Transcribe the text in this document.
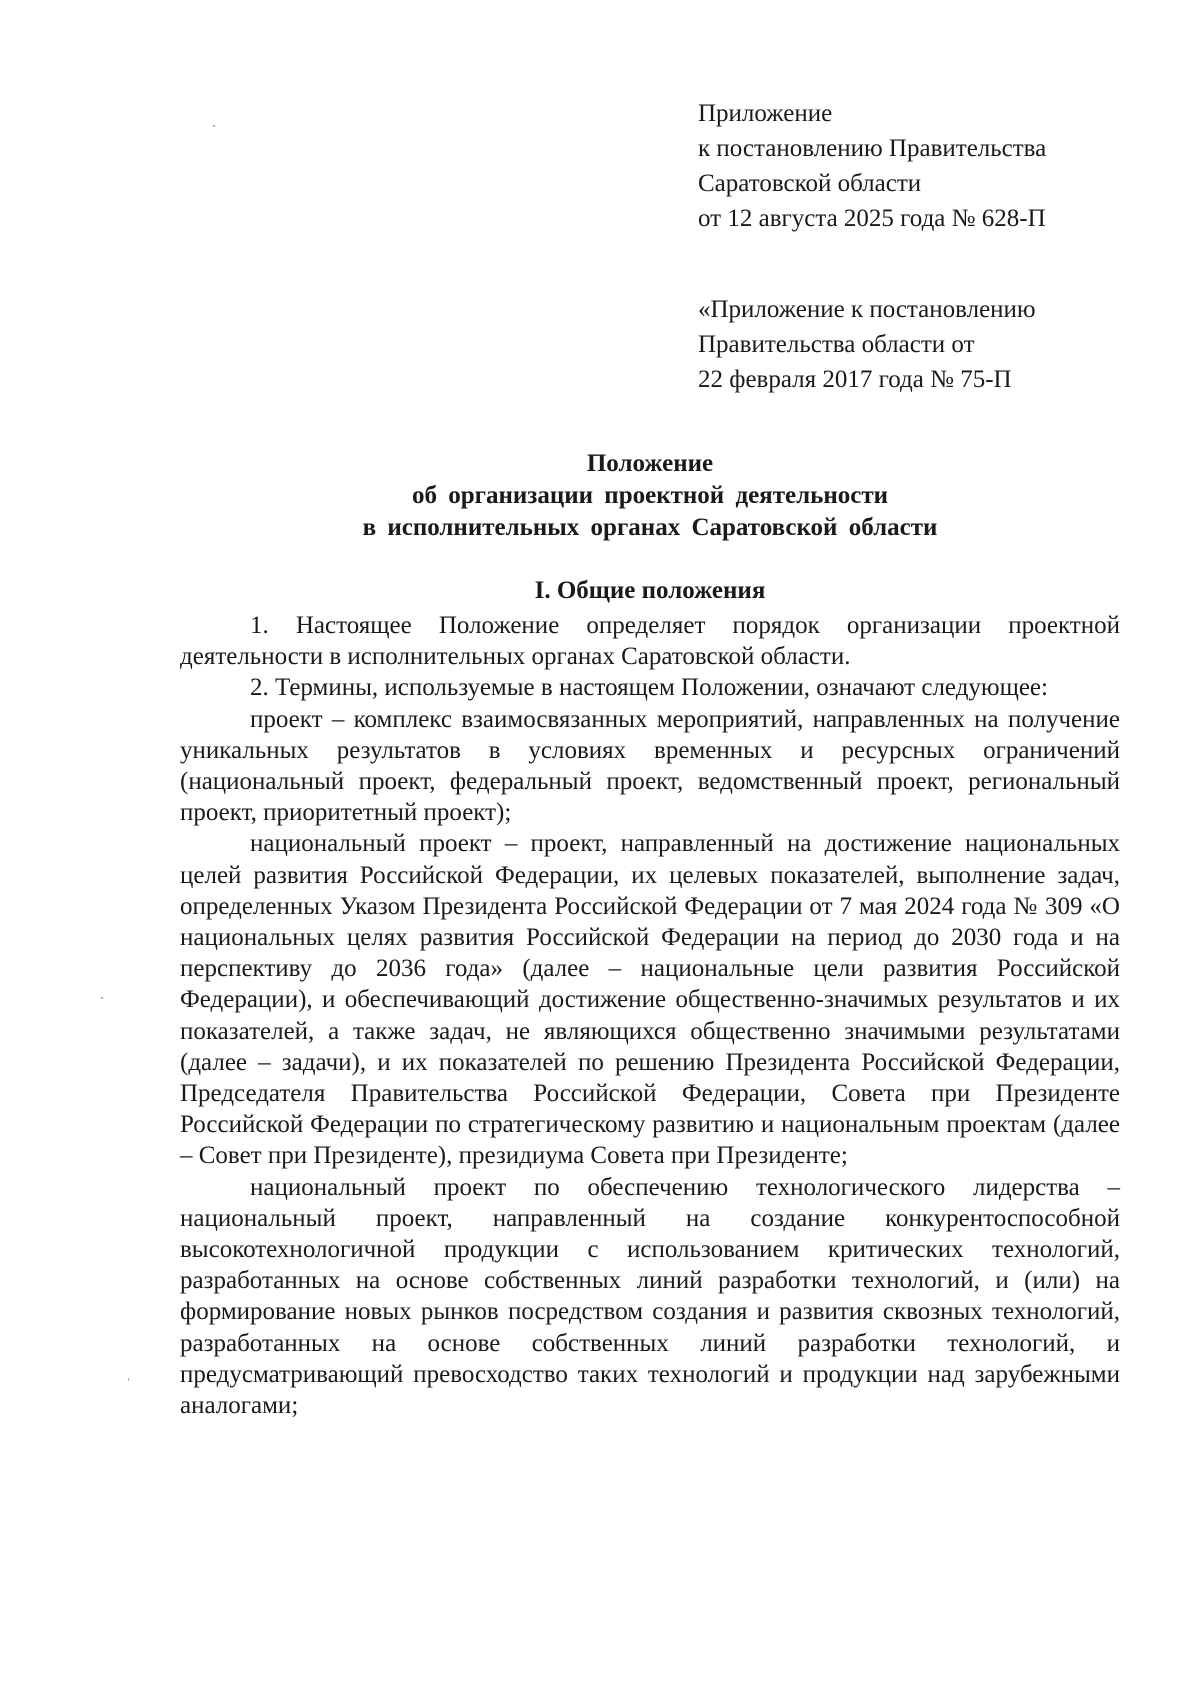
Приложение
к постановлению Правительства
Саратовской области
от 12 августа 2025 года № 628-П
«Приложение к постановлению
Правительства области от
22 февраля 2017 года № 75-П
Положение
об организации проектной деятельности
в исполнительных органах Саратовской области
I. Общие положения

1. Настоящее Положение определяет порядок организации проектной деятельности в исполнительных органах Саратовской области.

2. Термины, используемые в настоящем Положении, означают следующее:

проект – комплекс взаимосвязанных мероприятий, направленных на получение уникальных результатов в условиях временных и ресурсных ограничений (национальный проект, федеральный проект, ведомственный проект, региональный проект, приоритетный проект);

национальный проект – проект, направленный на достижение национальных целей развития Российской Федерации, их целевых показателей, выполнение задач, определенных Указом Президента Российской Федерации от 7 мая 2024 года № 309 «О национальных целях развития Российской Федерации на период до 2030 года и на перспективу до 2036 года» (далее – национальные цели развития Российской Федерации), и обеспечивающий достижение общественно-значимых результатов и их показателей, а также задач, не являющихся общественно значимыми результатами (далее – задачи), и их показателей по решению Президента Российской Федерации, Председателя Правительства Российской Федерации, Совета при Президенте Российской Федерации по стратегическому развитию и национальным проектам (далее – Совет при Президенте), президиума Совета при Президенте;

национальный проект по обеспечению технологического лидерства – национальный проект, направленный на создание конкурентоспособной высокотехнологичной продукции с использованием критических технологий, разработанных на основе собственных линий разработки технологий, и (или) на формирование новых рынков посредством создания и развития сквозных технологий, разработанных на основе собственных линий разработки технологий, и предусматривающий превосходство таких технологий и продукции над зарубежными аналогами;
